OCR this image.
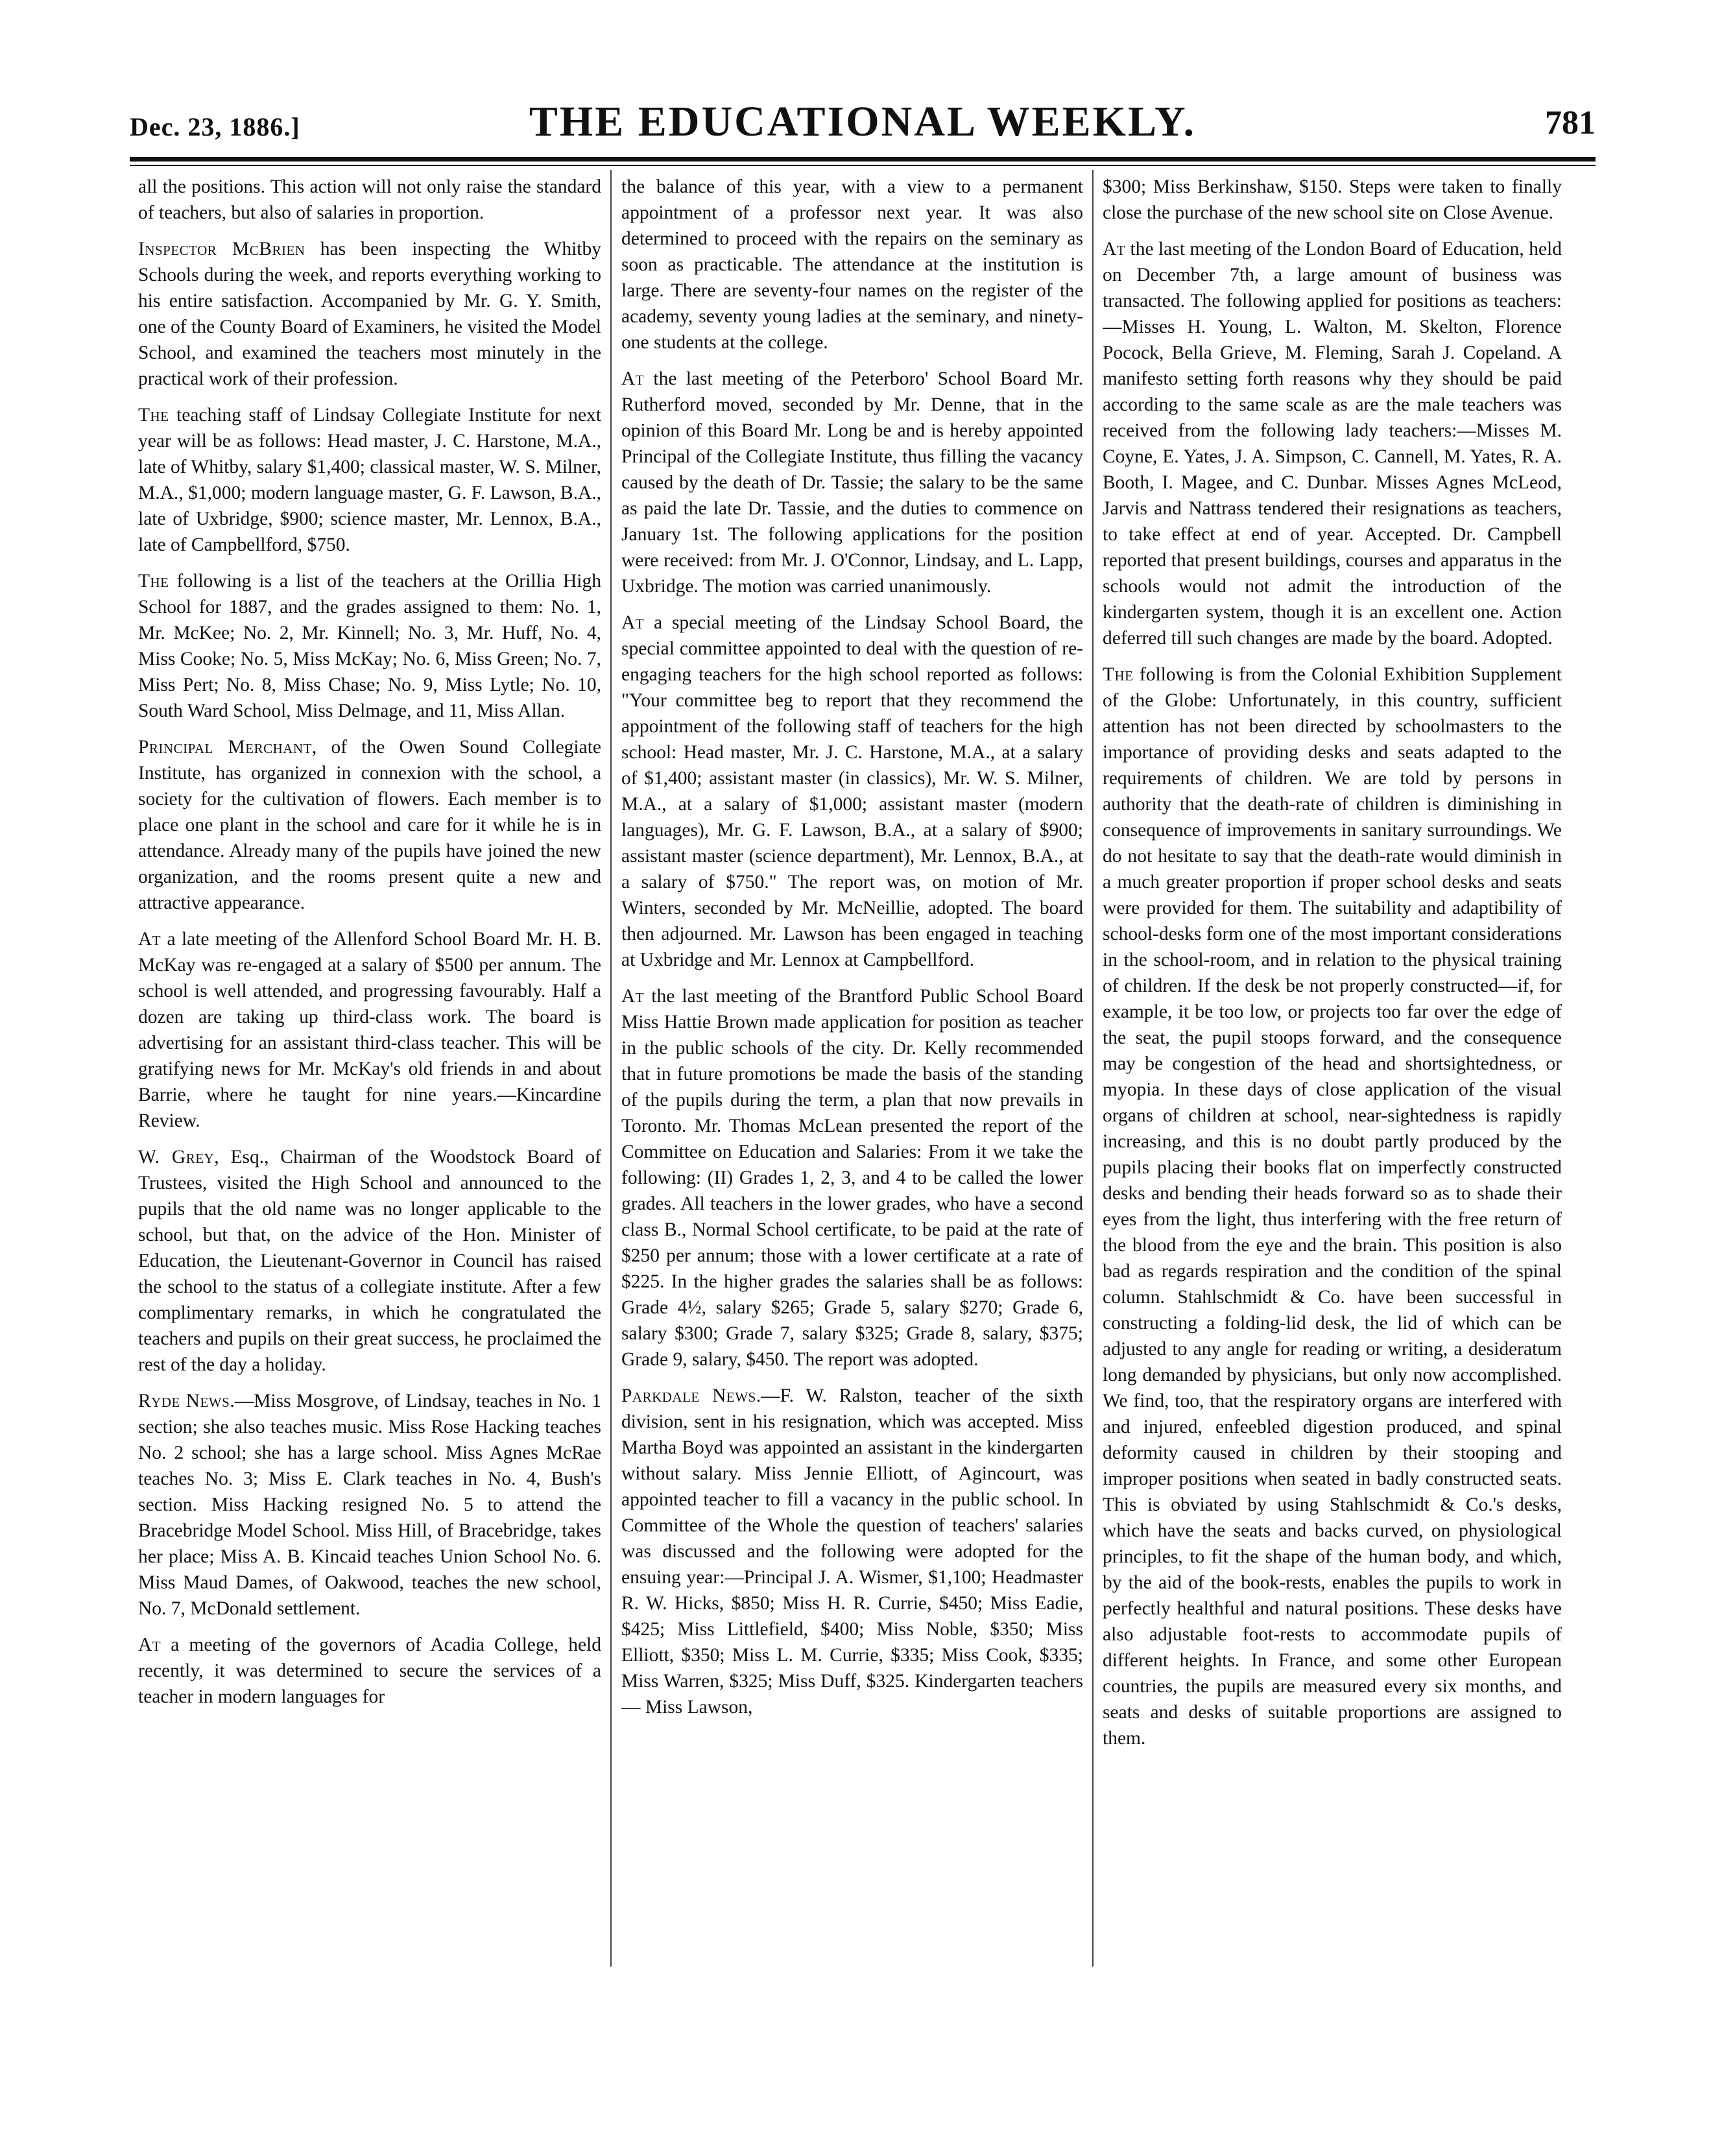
Dec. 23, 1886.]	THE EDUCATIONAL WEEKLY.	781

all the positions. This action will not only raise the standard of teachers, but also of salaries in proportion.

Inspector McBrien has been inspecting the Whitby Schools during the week, and reports everything working to his entire satisfaction. Accompanied by Mr. G. Y. Smith, one of the County Board of Examiners, he visited the Model School, and examined the teachers most minutely in the practical work of their profession.

The teaching staff of Lindsay Collegiate Institute for next year will be as follows: Head master, J. C. Harstone, M.A., late of Whitby, salary $1,400; classical master, W. S. Milner, M.A., $1,000; modern language master, G. F. Lawson, B.A., late of Uxbridge, $900; science master, Mr. Lennox, B.A., late of Campbellford, $750.

The following is a list of the teachers at the Orillia High School for 1887, and the grades assigned to them: No. 1, Mr. McKee; No. 2, Mr. Kinnell; No. 3, Mr. Huff, No. 4, Miss Cooke; No. 5, Miss McKay; No. 6, Miss Green; No. 7, Miss Pert; No. 8, Miss Chase; No. 9, Miss Lytle; No. 10, South Ward School, Miss Delmage, and 11, Miss Allan.

Principal Merchant, of the Owen Sound Collegiate Institute, has organized in connexion with the school, a society for the cultivation of flowers. Each member is to place one plant in the school and care for it while he is in attendance. Already many of the pupils have joined the new organization, and the rooms present quite a new and attractive appearance.

At a late meeting of the Allenford School Board Mr. H. B. McKay was re-engaged at a salary of $500 per annum. The school is well attended, and progressing favourably. Half a dozen are taking up third-class work. The board is advertising for an assistant third-class teacher. This will be gratifying news for Mr. McKay's old friends in and about Barrie, where he taught for nine years.—Kincardine Review.

W. Grey, Esq., Chairman of the Woodstock Board of Trustees, visited the High School and announced to the pupils that the old name was no longer applicable to the school, but that, on the advice of the Hon. Minister of Education, the Lieutenant-Governor in Council has raised the school to the status of a collegiate institute. After a few complimentary remarks, in which he congratulated the teachers and pupils on their great success, he proclaimed the rest of the day a holiday.

Ryde News.—Miss Mosgrove, of Lindsay, teaches in No. 1 section; she also teaches music. Miss Rose Hacking teaches No. 2 school; she has a large school. Miss Agnes McRae teaches No. 3; Miss E. Clark teaches in No. 4, Bush's section. Miss Hacking resigned No. 5 to attend the Bracebridge Model School. Miss Hill, of Bracebridge, takes her place; Miss A. B. Kincaid teaches Union School No. 6. Miss Maud Dames, of Oakwood, teaches the new school, No. 7, McDonald settlement.

At a meeting of the governors of Acadia College, held recently, it was determined to secure the services of a teacher in modern languages for

the balance of this year, with a view to a permanent appointment of a professor next year. It was also determined to proceed with the repairs on the seminary as soon as practicable. The attendance at the institution is large. There are seventy-four names on the register of the academy, seventy young ladies at the seminary, and ninety-one students at the college.

At the last meeting of the Peterboro' School Board Mr. Rutherford moved, seconded by Mr. Denne, that in the opinion of this Board Mr. Long be and is hereby appointed Principal of the Collegiate Institute, thus filling the vacancy caused by the death of Dr. Tassie; the salary to be the same as paid the late Dr. Tassie, and the duties to commence on January 1st. The following applications for the position were received: from Mr. J. O'Connor, Lindsay, and L. Lapp, Uxbridge. The motion was carried unanimously.

At a special meeting of the Lindsay School Board, the special committee appointed to deal with the question of re-engaging teachers for the high school reported as follows: "Your committee beg to report that they recommend the appointment of the following staff of teachers for the high school: Head master, Mr. J. C. Harstone, M.A., at a salary of $1,400; assistant master (in classics), Mr. W. S. Milner, M.A., at a salary of $1,000; assistant master (modern languages), Mr. G. F. Lawson, B.A., at a salary of $900; assistant master (science department), Mr. Lennox, B.A., at a salary of $750." The report was, on motion of Mr. Winters, seconded by Mr. McNeillie, adopted. The board then adjourned. Mr. Lawson has been engaged in teaching at Uxbridge and Mr. Lennox at Campbellford.

At the last meeting of the Brantford Public School Board Miss Hattie Brown made application for position as teacher in the public schools of the city. Dr. Kelly recommended that in future promotions be made the basis of the standing of the pupils during the term, a plan that now prevails in Toronto. Mr. Thomas McLean presented the report of the Committee on Education and Salaries: From it we take the following: (II) Grades 1, 2, 3, and 4 to be called the lower grades. All teachers in the lower grades, who have a second class B., Normal School certificate, to be paid at the rate of $250 per annum; those with a lower certificate at a rate of $225. In the higher grades the salaries shall be as follows: Grade 4½, salary $265; Grade 5, salary $270; Grade 6, salary $300; Grade 7, salary $325; Grade 8, salary, $375; Grade 9, salary, $450. The report was adopted.

Parkdale News.—F. W. Ralston, teacher of the sixth division, sent in his resignation, which was accepted. Miss Martha Boyd was appointed an assistant in the kindergarten without salary. Miss Jennie Elliott, of Agincourt, was appointed teacher to fill a vacancy in the public school. In Committee of the Whole the question of teachers' salaries was discussed and the following were adopted for the ensuing year:—Principal J. A. Wismer, $1,100; Headmaster R. W. Hicks, $850; Miss H. R. Currie, $450; Miss Eadie, $425; Miss Littlefield, $400; Miss Noble, $350; Miss Elliott, $350; Miss L. M. Currie, $335; Miss Cook, $335; Miss Warren, $325; Miss Duff, $325. Kindergarten teachers — Miss Lawson,

$300; Miss Berkinshaw, $150. Steps were taken to finally close the purchase of the new school site on Close Avenue.

At the last meeting of the London Board of Education, held on December 7th, a large amount of business was transacted. The following applied for positions as teachers:—Misses H. Young, L. Walton, M. Skelton, Florence Pocock, Bella Grieve, M. Fleming, Sarah J. Copeland. A manifesto setting forth reasons why they should be paid according to the same scale as are the male teachers was received from the following lady teachers:—Misses M. Coyne, E. Yates, J. A. Simpson, C. Cannell, M. Yates, R. A. Booth, I. Magee, and C. Dunbar. Misses Agnes McLeod, Jarvis and Nattrass tendered their resignations as teachers, to take effect at end of year. Accepted. Dr. Campbell reported that present buildings, courses and apparatus in the schools would not admit the introduction of the kindergarten system, though it is an excellent one. Action deferred till such changes are made by the board. Adopted.

The following is from the Colonial Exhibition Supplement of the Globe: Unfortunately, in this country, sufficient attention has not been directed by schoolmasters to the importance of providing desks and seats adapted to the requirements of children. We are told by persons in authority that the death-rate of children is diminishing in consequence of improvements in sanitary surroundings. We do not hesitate to say that the death-rate would diminish in a much greater proportion if proper school desks and seats were provided for them. The suitability and adaptibility of school-desks form one of the most important considerations in the school-room, and in relation to the physical training of children. If the desk be not properly constructed—if, for example, it be too low, or projects too far over the edge of the seat, the pupil stoops forward, and the consequence may be congestion of the head and shortsightedness, or myopia. In these days of close application of the visual organs of children at school, near-sightedness is rapidly increasing, and this is no doubt partly produced by the pupils placing their books flat on imperfectly constructed desks and bending their heads forward so as to shade their eyes from the light, thus interfering with the free return of the blood from the eye and the brain. This position is also bad as regards respiration and the condition of the spinal column. Stahlschmidt & Co. have been successful in constructing a folding-lid desk, the lid of which can be adjusted to any angle for reading or writing, a desideratum long demanded by physicians, but only now accomplished. We find, too, that the respiratory organs are interfered with and injured, enfeebled digestion produced, and spinal deformity caused in children by their stooping and improper positions when seated in badly constructed seats. This is obviated by using Stahlschmidt & Co.'s desks, which have the seats and backs curved, on physiological principles, to fit the shape of the human body, and which, by the aid of the book-rests, enables the pupils to work in perfectly healthful and natural positions. These desks have also adjustable foot-rests to accommodate pupils of different heights. In France, and some other European countries, the pupils are measured every six months, and seats and desks of suitable proportions are assigned to them.
